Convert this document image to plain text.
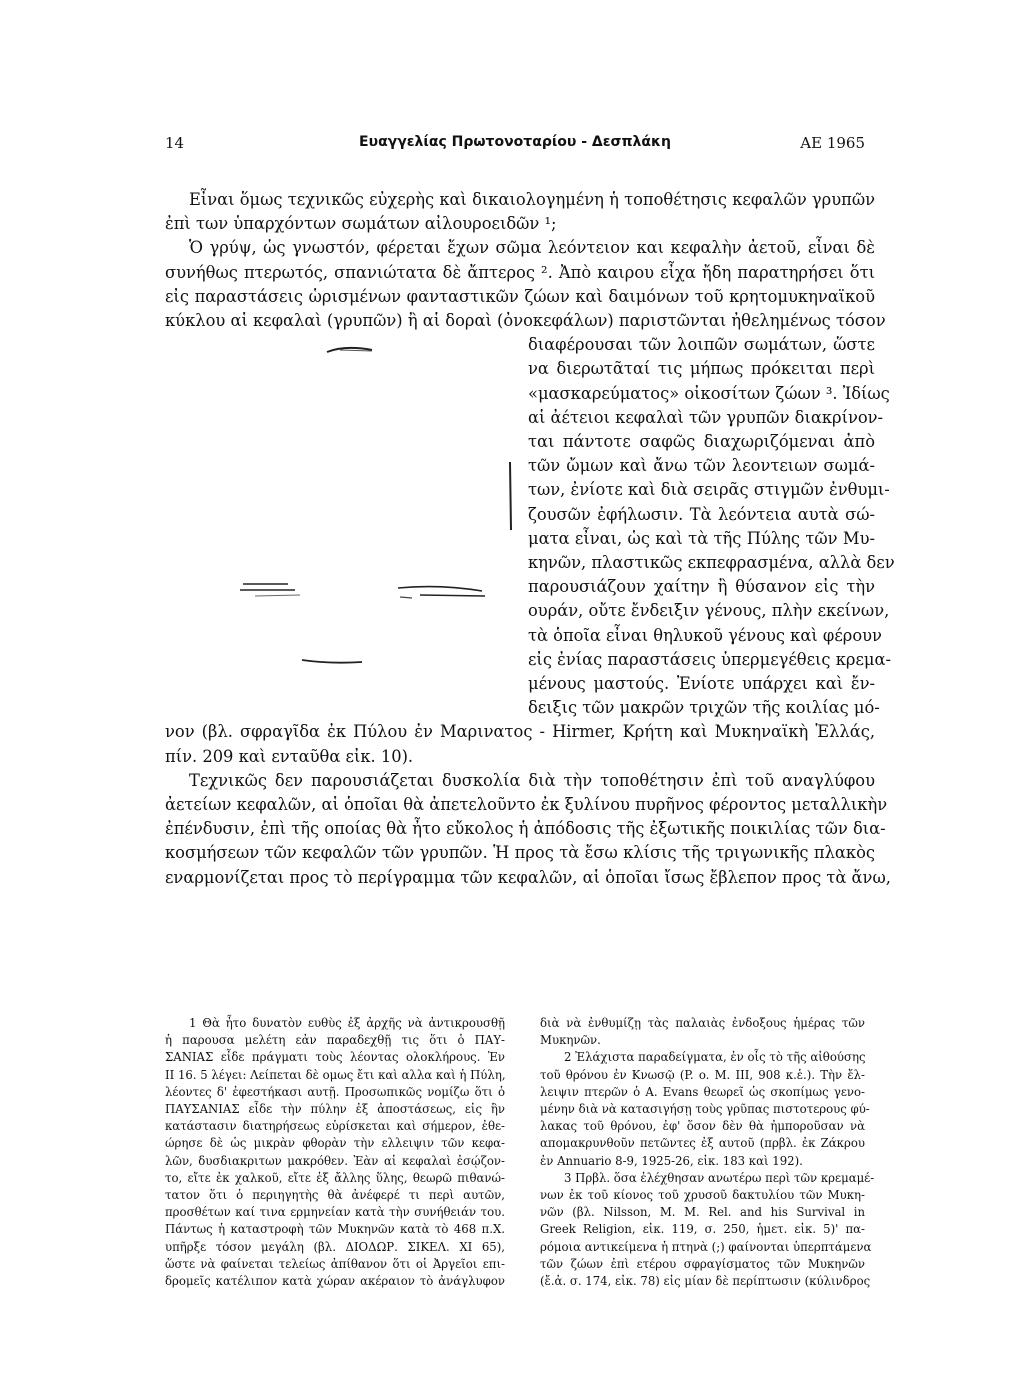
14	Ευαγγελίας Πρωτονοταρίου - Δεσπλάκη	ΑΕ 1965
Εἶναι ὅμως τεχνικῶς εὐχερὴς καὶ δικαιολογημένη ἡ τοποθέτησις κεφαλῶν γρυπῶν
ἐπὶ των ὑπαρχόντων σωμάτων αἰλουροειδῶν ¹;
Ὁ γρύψ, ὡς γνωστόν, φέρεται ἔχων σῶμα λεόντειον και κεφαλὴν ἀετοῦ, εἶναι δὲ
συνήθως πτερωτός, σπανιώτατα δὲ ἄπτερος ². Ἀπὸ καιρου εἶχα ἤδη παρατηρήσει ὅτι
εἰς παραστάσεις ὡρισμένων φανταστικῶν ζώων καὶ δαιμόνων τοῦ κρητομυκηναϊκοῦ
κύκλου αἱ κεφαλαὶ (γρυπῶν) ἢ αἱ δοραὶ (ὀνοκεφάλων) παριστῶνται ἠθελημένως τόσον
διαφέρουσαι τῶν λοιπῶν σωμάτων, ὥστε
να διερωτᾶταί τις μήπως πρόκειται περὶ
«μασκαρεύματος» οἰκοσίτων ζώων ³. Ἰδίως
αἱ ἀέτειοι κεφαλαὶ τῶν γρυπῶν διακρίνον-
ται πάντοτε σαφῶς διαχωριζόμεναι ἀπὸ
τῶν ὤμων καὶ ἄνω τῶν λεοντειων σωμά-
των, ἐνίοτε καὶ διὰ σειρᾶς στιγμῶν ἐνθυμι-
ζουσῶν ἐφήλωσιν. Τὰ λεόντεια αυτὰ σώ-
ματα εἶναι, ὡς καὶ τὰ τῆς Πύλης τῶν Μυ-
κηνῶν, πλαστικῶς εκπεφρασμένα, αλλὰ δεν
παρουσιάζουν χαίτην ἢ θύσανον εἰς τὴν
ουράν, οὔτε ἔνδειξιν γένους, πλὴν εκείνων,
τὰ ὁποῖα εἶναι θηλυκοῦ γένους καὶ φέρουν
εἰς ἐνίας παραστάσεις ὑπερμεγέθεις κρεμα-
μένους μαστούς. Ἐνίοτε υπάρχει καὶ ἔν-
δειξις τῶν μακρῶν τριχῶν τῆς κοιλίας μό-
νον (βλ. σφραγῖδα ἐκ Πύλου ἐν Μαρινατος - Hirmer, Κρήτη καὶ Μυκηναϊκὴ Ἑλλάς,
πίν. 209 καὶ ενταῦθα εἰκ. 10).
Τεχνικῶς δεν παρουσιάζεται δυσκολία διὰ τὴν τοποθέτησιν ἐπὶ τοῦ αναγλύφου
ἀετείων κεφαλῶν, αἱ ὁποῖαι θὰ ἀπετελοῦντο ἐκ ξυλίνου πυρῆνος φέροντος μεταλλικὴν
ἐπένδυσιν, ἐπὶ τῆς οποίας θὰ ἦτο εὔκολος ἡ ἀπόδοσις τῆς ἐξωτικῆς ποικιλίας τῶν δια-
κοσμήσεων τῶν κεφαλῶν τῶν γρυπῶν. Ἡ προς τὰ ἔσω κλίσις τῆς τριγωνικῆς πλακὸς
εναρμονίζεται προς τὸ περίγραμμα τῶν κεφαλῶν, αἱ ὁποῖαι ἴσως ἔβλεπον προς τὰ ἄνω,
1 Θὰ ἦτο δυνατὸν ευθὺς ἐξ ἀρχῆς νὰ ἀντικρουσθῇ
ἡ παρουσα μελέτη εἀν παραδεχθῇ τις ὅτι ὁ ΠΑΥ-
ΣΑΝΙΑΣ εἶδε πράγματι τοὺς λέοντας ολοκλήρους. Ἐν
II 16. 5 λέγει: Λείπεται δὲ ομως ἔτι καὶ αλλα καὶ ἡ Πύλη,
λέοντες δ' ἐφεστήκασι αυτῇ. Προσωπικῶς νομίζω ὅτι ὁ
ΠΑΥΣΑΝΙΑΣ εἶδε τὴν πύλην ἐξ ἀποστάσεως, εἰς ἣν
κατάστασιν διατηρήσεως εὑρίσκεται καὶ σήμερον, ἐθε-
ώρησε δὲ ὡς μικρὰν φθορὰν τὴν ελλειψιν τῶν κεφα-
λῶν, δυσδιακριτων μακρόθεν. Ἐὰν αἱ κεφαλαὶ ἐσῴζον-
το, εἴτε ἐκ χαλκοῦ, εἴτε ἐξ ἄλλης ὕλης, θεωρῶ πιθανώ-
τατον ὅτι ὁ περιηγητὴς θὰ ἀνέφερέ τι περὶ αυτῶν,
προσθέτων καί τινα ερμηνείαν κατὰ τὴν συνήθειάν του.
Πάντως ἡ καταστροφὴ τῶν Μυκηνῶν κατὰ τὸ 468 π.Χ.
υπῆρξε τόσον μεγάλη (βλ. ΔΙΟΔΩΡ. ΣΙΚΕΛ. XI 65),
ὥστε νὰ φαίνεται τελείως ἀπίθανον ὅτι οἱ Ἀργεῖοι επι-
δρομεῖς κατέλιπον κατὰ χώραν ακέραιον τὸ ἀνάγλυφον
διὰ νὰ ἐνθυμίζῃ τὰς παλαιὰς ἐνδοξους ἡμέρας τῶν
Μυκηνῶν.
2 Ἐλάχιστα παραδείγματα, ἐν οἷς τὸ τῆς αἰθούσης
τοῦ θρόνου ἐν Κνωσῷ (P. o. M. III, 908 κ.ἑ.). Τὴν ἔλ-
λειψιν πτερῶν ὁ A. Evans θεωρεῖ ὡς σκοπίμως γενο-
μένην διὰ νὰ κατασιγήσῃ τοὺς γρῦπας πιστοτερους φύ-
λακας τοῦ θρόνου, ἐφ' ὅσον δὲν θὰ ἠμποροῦσαν νὰ
απομακρυνθοῦν πετῶντες ἐξ αυτοῦ (πρβλ. ἐκ Ζάκρου
ἐν Annuario 8-9, 1925-26, εἰκ. 183 καὶ 192).
3 Πρβλ. ὅσα ἐλέχθησαν ανωτέρω περὶ τῶν κρεμαμέ-
νων ἐκ τοῦ κίονος τοῦ χρυσοῦ δακτυλίου τῶν Μυκη-
νῶν (βλ. Nilsson, M. M. Rel. and his Survival in
Greek Religion, εἰκ. 119, σ. 250, ἡμετ. εἰκ. 5)' πα-
ρόμοια αντικείμενα ἡ πτηνὰ (;) φαίνονται ὑπερπτάμενα
τῶν ζώων ἐπὶ ετέρου σφραγίσματος τῶν Μυκηνῶν
(ἔ.ἀ. σ. 174, εἰκ. 78) εἰς μίαν δὲ περίπτωσιν (κύλινδρος
